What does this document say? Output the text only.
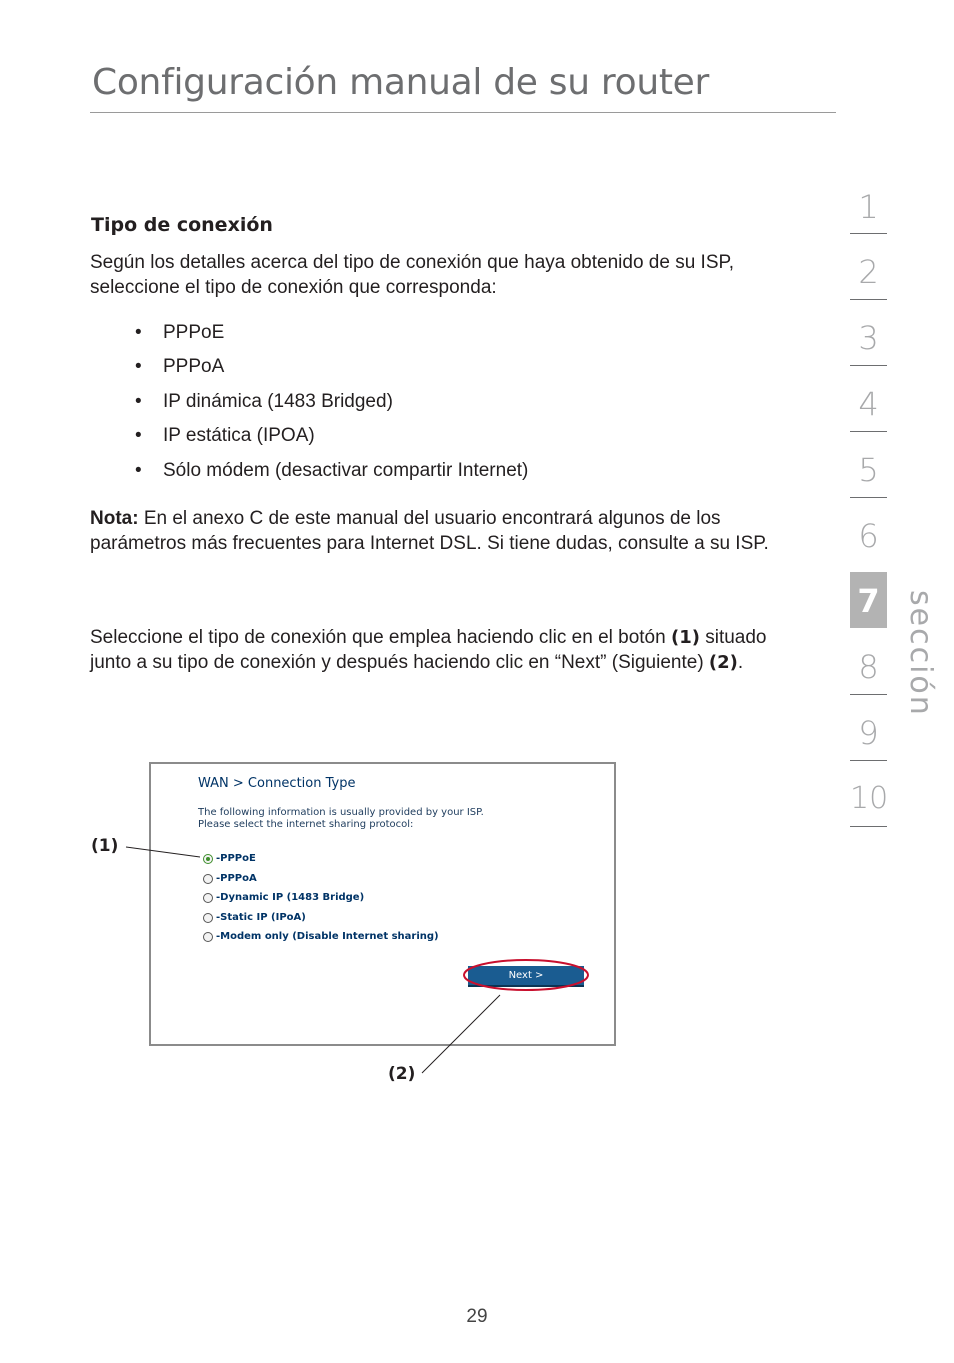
Configuración manual de su router
Tipo de conexión
Según los detalles acerca del tipo de conexión que haya obtenido de su ISP, seleccione el tipo de conexión que corresponda:
• PPPoE
• PPPoA
• IP dinámica (1483 Bridged)
• IP estática (IPOA)
• Sólo módem (desactivar compartir Internet)
Nota: En el anexo C de este manual del usuario encontrará algunos de los parámetros más frecuentes para Internet DSL. Si tiene dudas, consulte a su ISP.
Seleccione el tipo de conexión que emplea haciendo clic en el botón (1) situado junto a su tipo de conexión y después haciendo clic en “Next” (Siguiente) (2).
1
2
3
4
5
6
7
8
9
10
sección
WAN > Connection Type
The following information is usually provided by your ISP.
Please select the internet sharing protocol:
-PPPoE
-PPPoA
-Dynamic IP (1483 Bridge)
-Static IP (IPoA)
-Modem only (Disable Internet sharing)
Next >
(1)
(2)
29
